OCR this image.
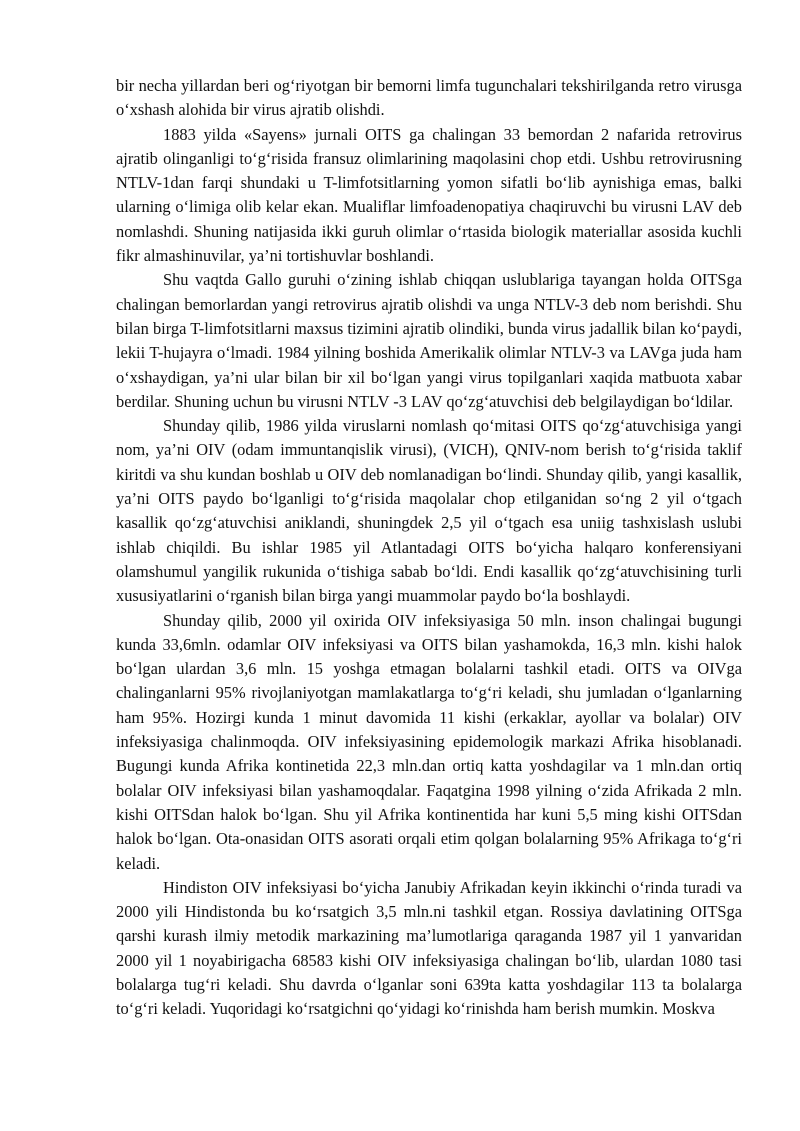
bir necha yillardan beri og‘riyotgan bir bemorni limfa tugunchalari tekshirilganda retro virusga o‘xshash alohida bir virus ajratib olishdi.

1883 yilda «Sayens» jurnali OITS ga chalingan 33 bemordan 2 nafarida retrovirus ajratib olinganligi to‘g‘risida fransuz olimlarining maqolasini chop etdi. Ushbu retrovirusning NTLV-1dan farqi shundaki u T-limfotsitlarning yomon sifatli bo‘lib aynishiga emas, balki ularning o‘limiga olib kelar ekan. Mualiflar limfoadenopatiya chaqiruvchi bu virusni LAV deb nomlashdi. Shuning natijasida ikki guruh olimlar o‘rtasida biologik materiallar asosida kuchli fikr almashinuvilar, ya’ni tortishuvlar boshlandi.

Shu vaqtda Gallo guruhi o‘zining ishlab chiqqan uslublariga tayangan holda OITSga chalingan bemorlardan yangi retrovirus ajratib olishdi va unga NTLV-3 deb nom berishdi. Shu bilan birga T-limfotsitlarni maxsus tizimini ajratib olindiki, bunda virus jadallik bilan ko‘paydi, lekii T-hujayra o‘lmadi. 1984 yilning boshida Amerikalik olimlar NTLV-3 va LAVga juda ham o‘xshaydigan, ya’ni ular bilan bir xil bo‘lgan yangi virus topilganlari xaqida matbuota xabar berdilar. Shuning uchun bu virusni NTLV -3 LAV qo‘zg‘atuvchisi deb belgilaydigan bo‘ldilar.

Shunday qilib, 1986 yilda viruslarni nomlash qo‘mitasi OITS qo‘zg‘atuvchisiga yangi nom, ya’ni OIV (odam immuntanqislik virusi), (VICH), QNIV-nom berish to‘g‘risida taklif kiritdi va shu kundan boshlab u OIV deb nomlanadigan bo‘lindi. Shunday qilib, yangi kasallik, ya’ni OITS paydo bo‘lganligi to‘g‘risida maqolalar chop etilganidan so‘ng 2 yil o‘tgach kasallik qo‘zg‘atuvchisi aniklandi, shuningdek 2,5 yil o‘tgach esa uniig tashxislash uslubi ishlab chiqildi. Bu ishlar 1985 yil Atlantadagi OITS bo‘yicha halqaro konferensiyani olamshumul yangilik rukunida o‘tishiga sabab bo‘ldi. Endi kasallik qo‘zg‘atuvchisining turli xususiyatlarini o‘rganish bilan birga yangi muammolar paydo bo‘la boshlaydi.

Shunday qilib, 2000 yil oxirida OIV infeksiyasiga 50 mln. inson chalingai bugungi kunda 33,6mln. odamlar OIV infeksiyasi va OITS bilan yashamokda, 16,3 mln. kishi halok bo‘lgan ulardan 3,6 mln. 15 yoshga etmagan bolalarni tashkil etadi. OITS va OIVga chalinganlarni 95% rivojlaniyotgan mamlakatlarga to‘g‘ri keladi, shu jumladan o‘lganlarning ham 95%. Hozirgi kunda 1 minut davomida 11 kishi (erkaklar, ayollar va bolalar) OIV infeksiyasiga chalinmoqda. OIV infeksiyasining epidemologik markazi Afrika hisoblanadi. Bugungi kunda Afrika kontinetida 22,3 mln.dan ortiq katta yoshdagilar va 1 mln.dan ortiq bolalar OIV infeksiyasi bilan yashamoqdalar. Faqatgina 1998 yilning o‘zida Afrikada 2 mln. kishi OITSdan halok bo‘lgan. Shu yil Afrika kontinentida har kuni 5,5 ming kishi OITSdan halok bo‘lgan. Ota-onasidan OITS asorati orqali etim qolgan bolalarning 95% Afrikaga to‘g‘ri keladi.

Hindiston OIV infeksiyasi bo‘yicha Janubiy Afrikadan keyin ikkinchi o‘rinda turadi va 2000 yili Hindistonda bu ko‘rsatgich 3,5 mln.ni tashkil etgan. Rossiya davlatining OITSga qarshi kurash ilmiy metodik markazining ma’lumotlariga qaraganda 1987 yil 1 yanvaridan 2000 yil 1 noyabirigacha 68583 kishi OIV infeksiyasiga chalingan bo‘lib, ulardan 1080 tasi bolalarga tug‘ri keladi. Shu davrda o‘lganlar soni 639ta katta yoshdagilar 113 ta bolalarga to‘g‘ri keladi. Yuqoridagi ko‘rsatgichni qo‘yidagi ko‘rinishda ham berish mumkin. Moskva
